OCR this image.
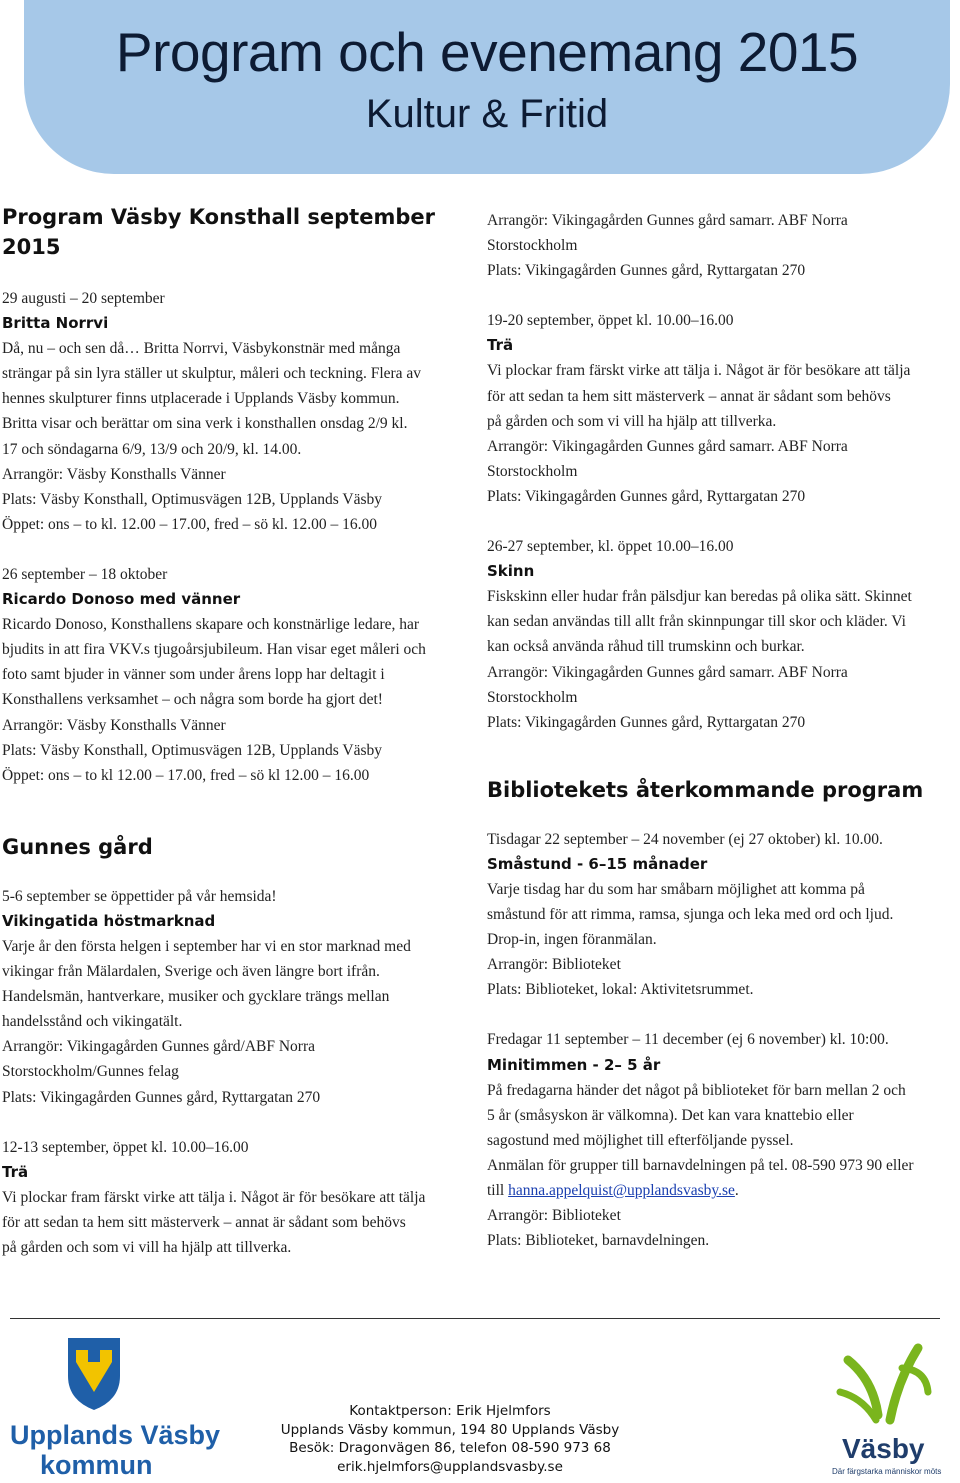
Program och evenemang 2015
Kultur & Fritid

Program Väsby Konsthall september 2015

29 augusti – 20 september

Britta Norrvi

Då, nu – och sen då… Britta Norrvi, Väsbykonstnär med många

strängar på sin lyra ställer ut skulptur, måleri och teckning. Flera av

hennes skulpturer finns utplacerade i Upplands Väsby kommun.

Britta visar och berättar om sina verk i konsthallen onsdag 2/9 kl.

17 och söndagarna 6/9, 13/9 och 20/9, kl. 14.00.

Arrangör: Väsby Konsthalls Vänner

Plats: Väsby Konsthall, Optimusvägen 12B, Upplands Väsby

Öppet: ons – to kl. 12.00 – 17.00, fred – sö kl. 12.00 – 16.00

26 september – 18 oktober

Ricardo Donoso med vänner

Ricardo Donoso, Konsthallens skapare och konstnärlige ledare, har

bjudits in att fira VKV.s tjugoårsjubileum. Han visar eget måleri och

foto samt bjuder in vänner som under årens lopp har deltagit i

Konsthallens verksamhet – och några som borde ha gjort det!

Arrangör: Väsby Konsthalls Vänner

Plats: Väsby Konsthall, Optimusvägen 12B, Upplands Väsby

Öppet: ons – to kl 12.00 – 17.00, fred – sö kl 12.00 – 16.00

Gunnes gård

5-6 september se öppettider på vår hemsida!

Vikingatida höstmarknad

Varje år den första helgen i september har vi en stor marknad med

vikingar från Mälardalen, Sverige och även längre bort ifrån.

Handelsmän, hantverkare, musiker och gycklare trängs mellan

handelsstånd och vikingatält.

Arrangör: Vikingagården Gunnes gård/ABF Norra

Storstockholm/Gunnes felag

Plats: Vikingagården Gunnes gård, Ryttargatan 270

12-13 september, öppet kl. 10.00–16.00

Trä

Vi plockar fram färskt virke att tälja i. Något är för besökare att tälja

för att sedan ta hem sitt mästerverk – annat är sådant som behövs

på gården och som vi vill ha hjälp att tillverka.

Arrangör: Vikingagården Gunnes gård samarr. ABF Norra

Storstockholm

Plats: Vikingagården Gunnes gård, Ryttargatan 270

19-20 september, öppet kl. 10.00–16.00

Trä

Vi plockar fram färskt virke att tälja i. Något är för besökare att tälja

för att sedan ta hem sitt mästerverk – annat är sådant som behövs

på gården och som vi vill ha hjälp att tillverka.

Arrangör: Vikingagården Gunnes gård samarr. ABF Norra

Storstockholm

Plats: Vikingagården Gunnes gård, Ryttargatan 270

26-27 september, kl. öppet 10.00–16.00

Skinn

Fiskskinn eller hudar från pälsdjur kan beredas på olika sätt. Skinnet

kan sedan användas till allt från skinnpungar till skor och kläder. Vi

kan också använda råhud till trumskinn och burkar.

Arrangör: Vikingagården Gunnes gård samarr. ABF Norra

Storstockholm

Plats: Vikingagården Gunnes gård, Ryttargatan 270

Bibliotekets återkommande program

Tisdagar 22 september – 24 november (ej 27 oktober) kl. 10.00.

Småstund - 6–15 månader

Varje tisdag har du som har småbarn möjlighet att komma på

småstund för att rimma, ramsa, sjunga och leka med ord och ljud.

Drop-in, ingen föranmälan.

Arrangör: Biblioteket

Plats: Biblioteket, lokal: Aktivitetsrummet.

Fredagar 11 september – 11 december (ej 6 november) kl. 10:00.

Minitimmen - 2– 5 år

På fredagarna händer det något på biblioteket för barn mellan 2 och

5 år (småsyskon är välkomna). Det kan vara knattebio eller

sagostund med möjlighet till efterföljande pyssel.

Anmälan för grupper till barnavdelningen på tel. 08-590 973 90 eller

till hanna.appelquist@upplandsvasby.se.

Arrangör: Biblioteket

Plats: Biblioteket, barnavdelningen.

Upplands Väsby
kommun
Kontaktperson: Erik Hjelmfors
Upplands Väsby kommun, 194 80 Upplands Väsby
Besök: Dragonvägen 86, telefon 08-590 973 68
erik.hjelmfors@upplandsvasby.se
Väsby
Där färgstarka människor möts
